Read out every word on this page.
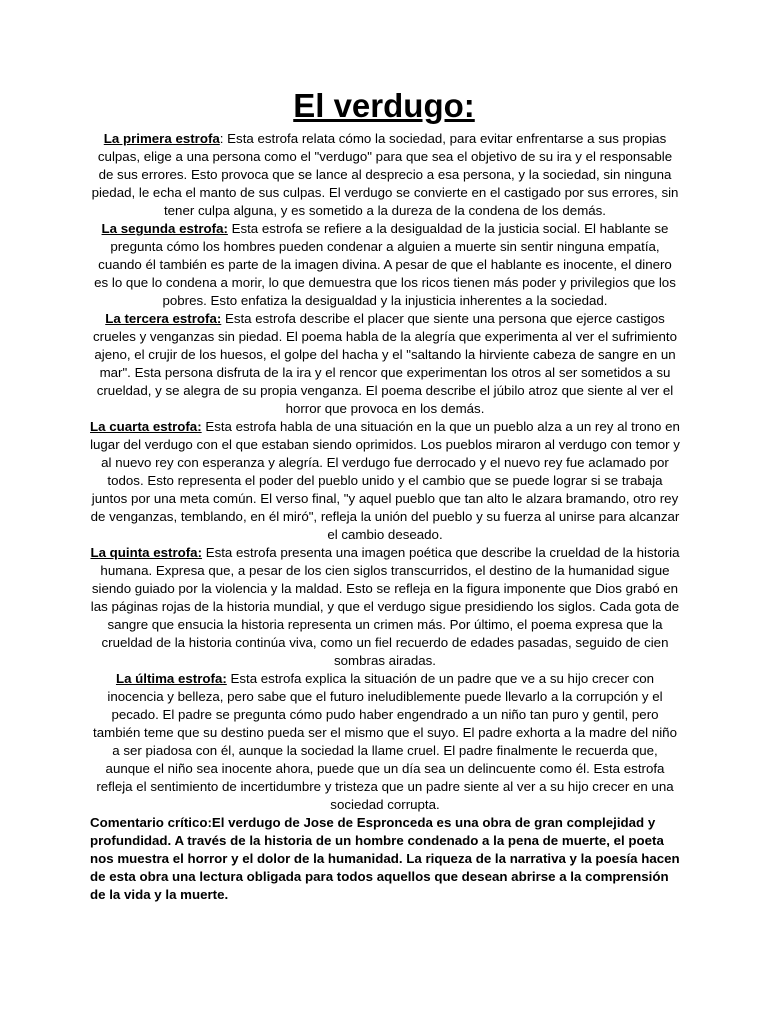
El verdugo:

La primera estrofa: Esta estrofa relata cómo la sociedad, para evitar enfrentarse a sus propias culpas, elige a una persona como el "verdugo" para que sea el objetivo de su ira y el responsable de sus errores. Esto provoca que se lance al desprecio a esa persona, y la sociedad, sin ninguna piedad, le echa el manto de sus culpas. El verdugo se convierte en el castigado por sus errores, sin tener culpa alguna, y es sometido a la dureza de la condena de los demás.

La segunda estrofa: Esta estrofa se refiere a la desigualdad de la justicia social. El hablante se pregunta cómo los hombres pueden condenar a alguien a muerte sin sentir ninguna empatía, cuando él también es parte de la imagen divina. A pesar de que el hablante es inocente, el dinero es lo que lo condena a morir, lo que demuestra que los ricos tienen más poder y privilegios que los pobres. Esto enfatiza la desigualdad y la injusticia inherentes a la sociedad.

La tercera estrofa: Esta estrofa describe el placer que siente una persona que ejerce castigos crueles y venganzas sin piedad. El poema habla de la alegría que experimenta al ver el sufrimiento ajeno, el crujir de los huesos, el golpe del hacha y el "saltando la hirviente cabeza de sangre en un mar". Esta persona disfruta de la ira y el rencor que experimentan los otros al ser sometidos a su crueldad, y se alegra de su propia venganza. El poema describe el júbilo atroz que siente al ver el horror que provoca en los demás.

La cuarta estrofa: Esta estrofa habla de una situación en la que un pueblo alza a un rey al trono en lugar del verdugo con el que estaban siendo oprimidos. Los pueblos miraron al verdugo con temor y al nuevo rey con esperanza y alegría. El verdugo fue derrocado y el nuevo rey fue aclamado por todos. Esto representa el poder del pueblo unido y el cambio que se puede lograr si se trabaja juntos por una meta común. El verso final, "y aquel pueblo que tan alto le alzara bramando, otro rey de venganzas, temblando, en él miró", refleja la unión del pueblo y su fuerza al unirse para alcanzar el cambio deseado.

La quinta estrofa: Esta estrofa presenta una imagen poética que describe la crueldad de la historia humana. Expresa que, a pesar de los cien siglos transcurridos, el destino de la humanidad sigue siendo guiado por la violencia y la maldad. Esto se refleja en la figura imponente que Dios grabó en las páginas rojas de la historia mundial, y que el verdugo sigue presidiendo los siglos. Cada gota de sangre que ensucia la historia representa un crimen más. Por último, el poema expresa que la crueldad de la historia continúa viva, como un fiel recuerdo de edades pasadas, seguido de cien sombras airadas.

La última estrofa: Esta estrofa explica la situación de un padre que ve a su hijo crecer con inocencia y belleza, pero sabe que el futuro ineludiblemente puede llevarlo a la corrupción y el pecado. El padre se pregunta cómo pudo haber engendrado a un niño tan puro y gentil, pero también teme que su destino pueda ser el mismo que el suyo. El padre exhorta a la madre del niño a ser piadosa con él, aunque la sociedad la llame cruel. El padre finalmente le recuerda que, aunque el niño sea inocente ahora, puede que un día sea un delincuente como él. Esta estrofa refleja el sentimiento de incertidumbre y tristeza que un padre siente al ver a su hijo crecer en una sociedad corrupta.

Comentario crítico:El verdugo de Jose de Espronceda es una obra de gran complejidad y profundidad. A través de la historia de un hombre condenado a la pena de muerte, el poeta nos muestra el horror y el dolor de la humanidad. La riqueza de la narrativa y la poesía hacen de esta obra una lectura obligada para todos aquellos que desean abrirse a la comprensión de la vida y la muerte.
